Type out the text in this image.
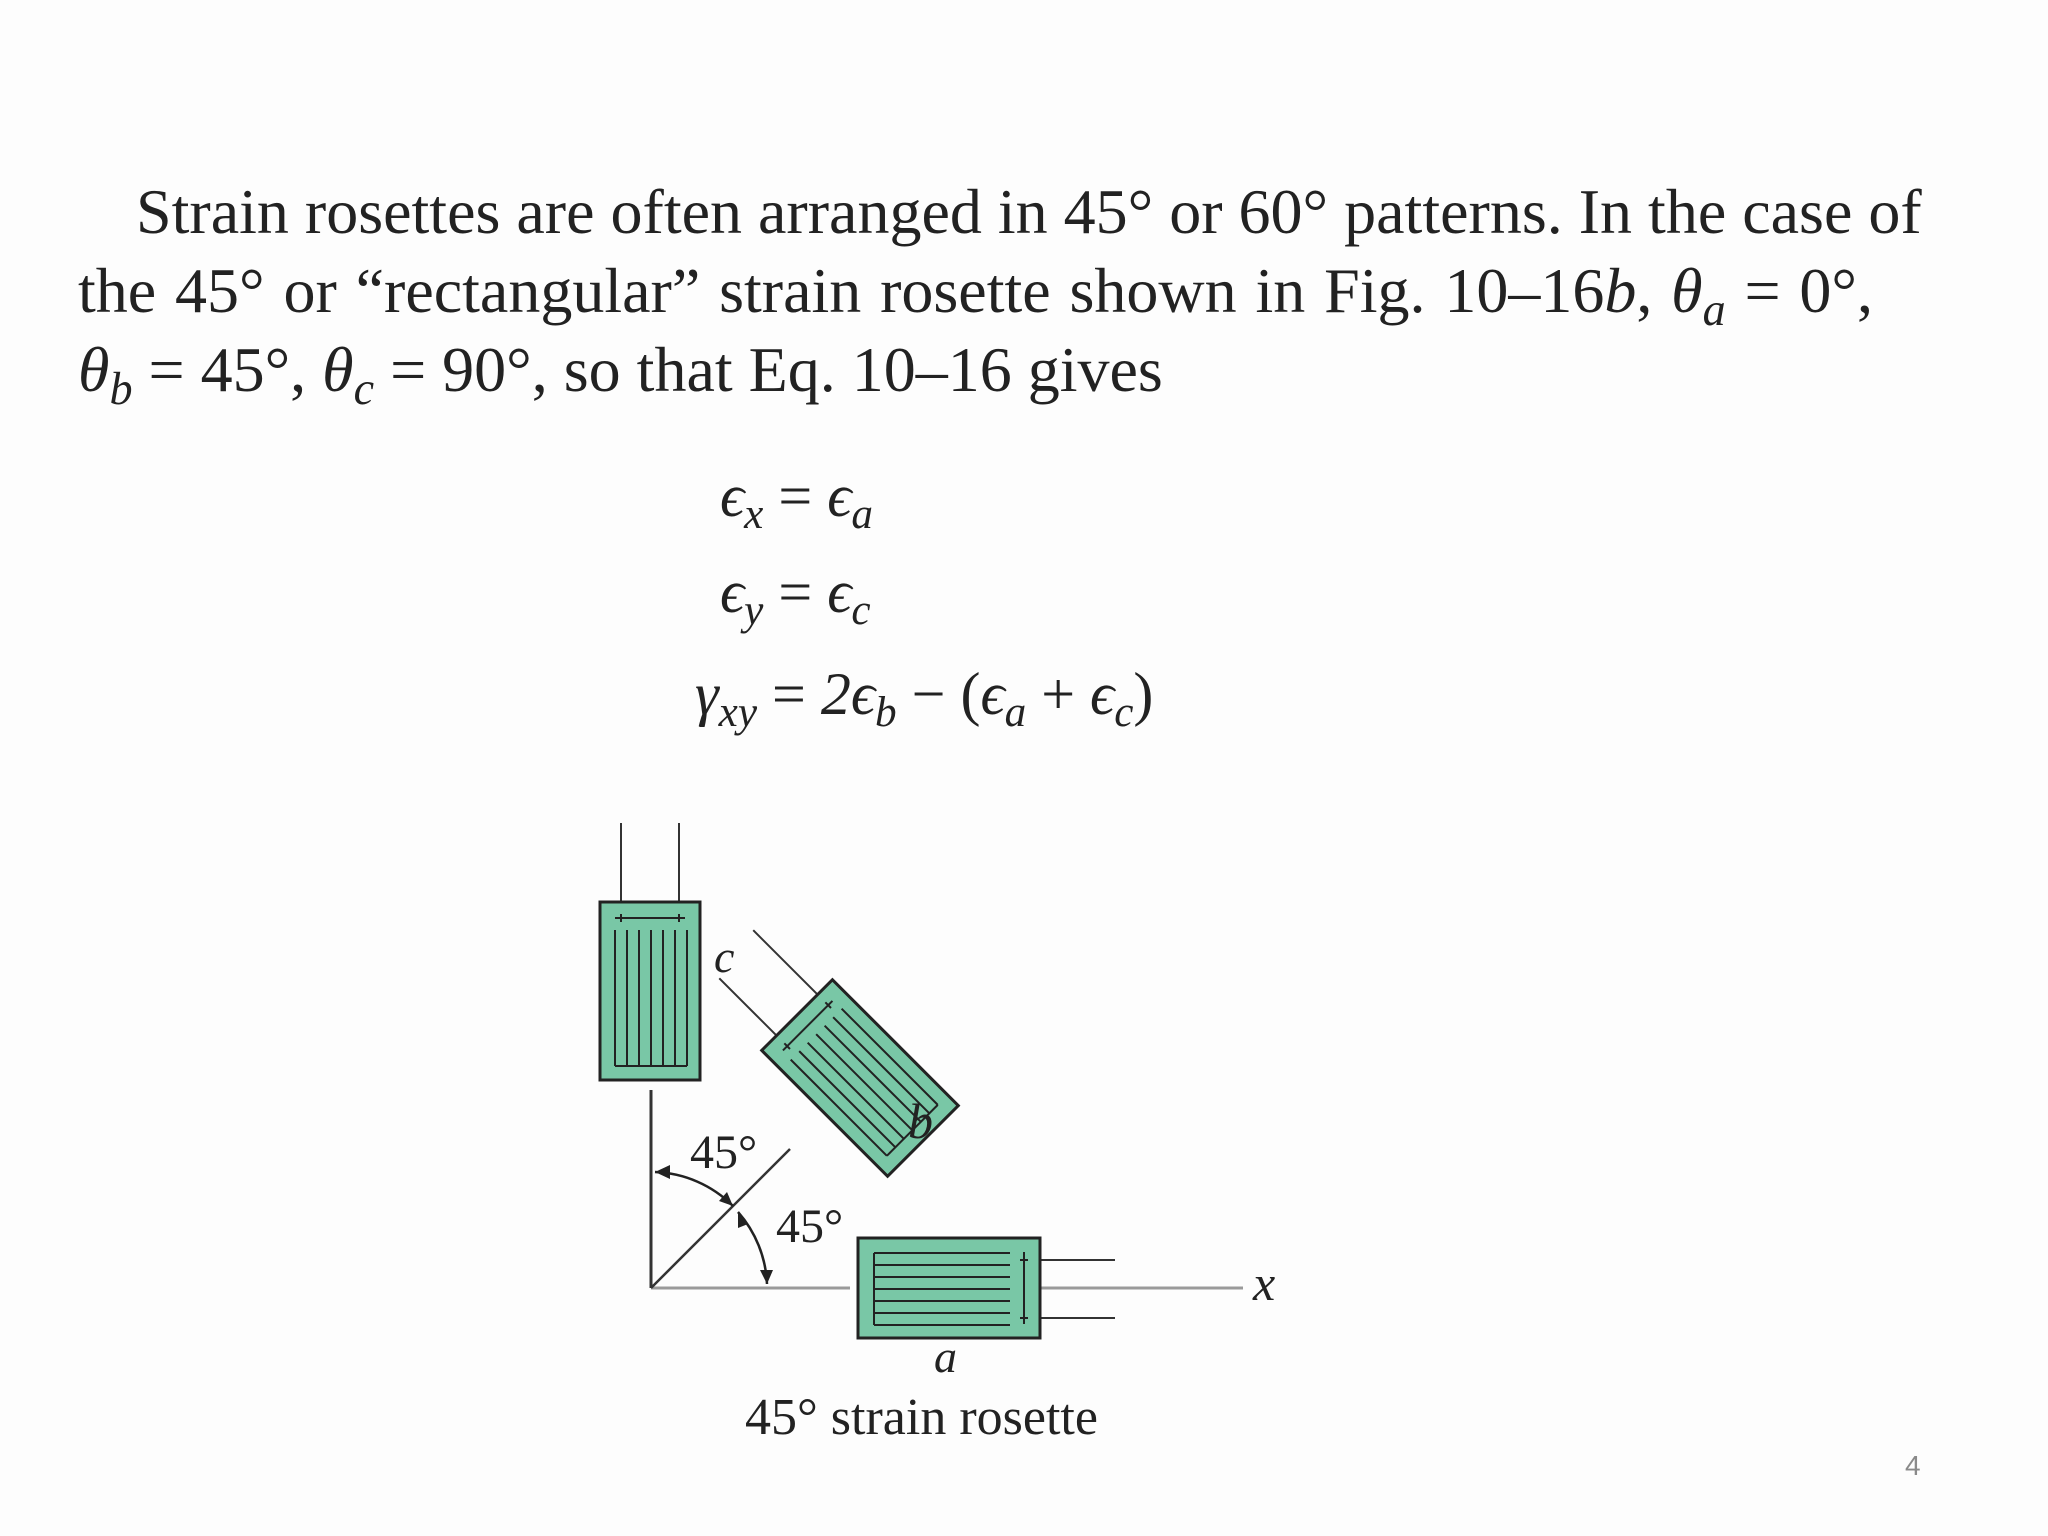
Strain rosettes are often arranged in 45° or 60° patterns. In the case of
the 45° or “rectangular” strain rosette shown in Fig. 10–16b, $\theta_a = 0^\circ$,
$\theta_b = 45^\circ$, $\theta_c = 90^\circ$, so that Eq. 10–16 gives
$\epsilon_x = \epsilon_a$
$\epsilon_y = \epsilon_c$
$\gamma_{xy} = 2\epsilon_b - (\epsilon_a + \epsilon_c)$
c
b
a
x
45°
45°
45° strain rosette
4
